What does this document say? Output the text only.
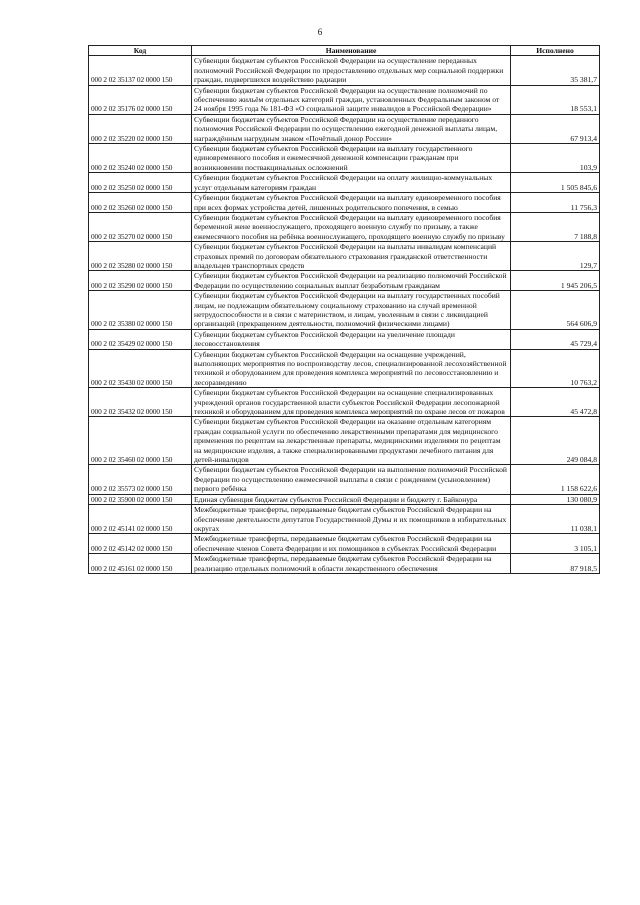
6
Код	Наименование	Исполнено
000 2 02 35137 02 0000 150	Субвенции бюджетам субъектов Российской Федерации на осуществление переданных полномочий Российской Федерации по предоставлению отдельных мер социальной поддержки граждан, подвергшихся воздействию радиации	35 381,7
000 2 02 35176 02 0000 150	Субвенции бюджетам субъектов Российской Федерации на осуществление полномочий по обеспечению жильём отдельных категорий граждан, установленных Федеральным законом от 24 ноября 1995 года № 181-ФЗ «О социальной защите инвалидов в Российской Федерации»	18 553,1
000 2 02 35220 02 0000 150	Субвенции бюджетам субъектов Российской Федерации на осуществление переданного полномочия Российской Федерации по осуществлению ежегодной денежной выплаты лицам, награждённым нагрудным знаком «Почётный донор России»	67 913,4
000 2 02 35240 02 0000 150	Субвенции бюджетам субъектов Российской Федерации на выплату государственного единовременного пособия и ежемесячной денежной компенсации гражданам при возникновении поствакцинальных осложнений	103,9
000 2 02 35250 02 0000 150	Субвенции бюджетам субъектов Российской Федерации на оплату жилищно-коммунальных услуг отдельным категориям граждан	1 505 845,6
000 2 02 35260 02 0000 150	Субвенции бюджетам субъектов Российской Федерации на выплату единовременного пособия при всех формах устройства детей, лишенных родительского попечения, в семью	11 756,3
000 2 02 35270 02 0000 150	Субвенции бюджетам субъектов Российской Федерации на выплату единовременного пособия беременной жене военнослужащего, проходящего военную службу по призыву, а также ежемесячного пособия на ребёнка военнослужащего, проходящего военную службу по призыву	7 188,8
000 2 02 35280 02 0000 150	Субвенции бюджетам субъектов Российской Федерации на выплаты инвалидам компенсаций страховых премий по договорам обязательного страхования гражданской ответственности владельцев транспортных средств	129,7
000 2 02 35290 02 0000 150	Субвенции бюджетам субъектов Российской Федерации на реализацию полномочий Российской Федерации по осуществлению социальных выплат безработным гражданам	1 945 206,5
000 2 02 35380 02 0000 150	Субвенции бюджетам субъектов Российской Федерации на выплату государственных пособий лицам, не подлежащим обязательному социальному страхованию на случай временной нетрудоспособности и в связи с материнством, и лицам, уволенным в связи с ликвидацией организаций (прекращением деятельности, полномочий физическими лицами)	564 606,9
000 2 02 35429 02 0000 150	Субвенции бюджетам субъектов Российской Федерации на увеличение площади лесовосстановления	45 729,4
000 2 02 35430 02 0000 150	Субвенции бюджетам субъектов Российской Федерации на оснащение учреждений, выполняющих мероприятия по воспроизводству лесов, специализированной лесохозяйственной техникой и оборудованием для проведения комплекса мероприятий по лесовосстановлению и лесоразведению	10 763,2
000 2 02 35432 02 0000 150	Субвенции бюджетам субъектов Российской Федерации на оснащение специализированных учреждений органов государственной власти субъектов Российской Федерации лесопожарной техникой и оборудованием для проведения комплекса мероприятий по охране лесов от пожаров	45 472,8
000 2 02 35460 02 0000 150	Субвенции бюджетам субъектов Российской Федерации на оказание отдельным категориям граждан социальной услуги по обеспечению лекарственными препаратами для медицинского применения по рецептам на лекарственные препараты, медицинскими изделиями по рецептам на медицинские изделия, а также специализированными продуктами лечебного питания для детей-инвалидов	249 084,8
000 2 02 35573 02 0000 150	Субвенции бюджетам субъектов Российской Федерации на выполнение полномочий Российской Федерации по осуществлению ежемесячной выплаты в связи с рождением (усыновлением) первого ребёнка	1 158 622,6
000 2 02 35900 02 0000 150	Единая субвенция бюджетам субъектов Российской Федерации и бюджету г. Байконура	130 080,9
000 2 02 45141 02 0000 150	Межбюджетные трансферты, передаваемые бюджетам субъектов Российской Федерации на обеспечение деятельности депутатов Государственной Думы и их помощников в избирательных округах	11 038,1
000 2 02 45142 02 0000 150	Межбюджетные трансферты, передаваемые бюджетам субъектов Российской Федерации на обеспечение членов Совета Федерации и их помощников в субъектах Российской Федерации	3 105,1
000 2 02 45161 02 0000 150	Межбюджетные трансферты, передаваемые бюджетам субъектов Российской Федерации на реализацию отдельных полномочий в области лекарственного обеспечения	87 918,5
